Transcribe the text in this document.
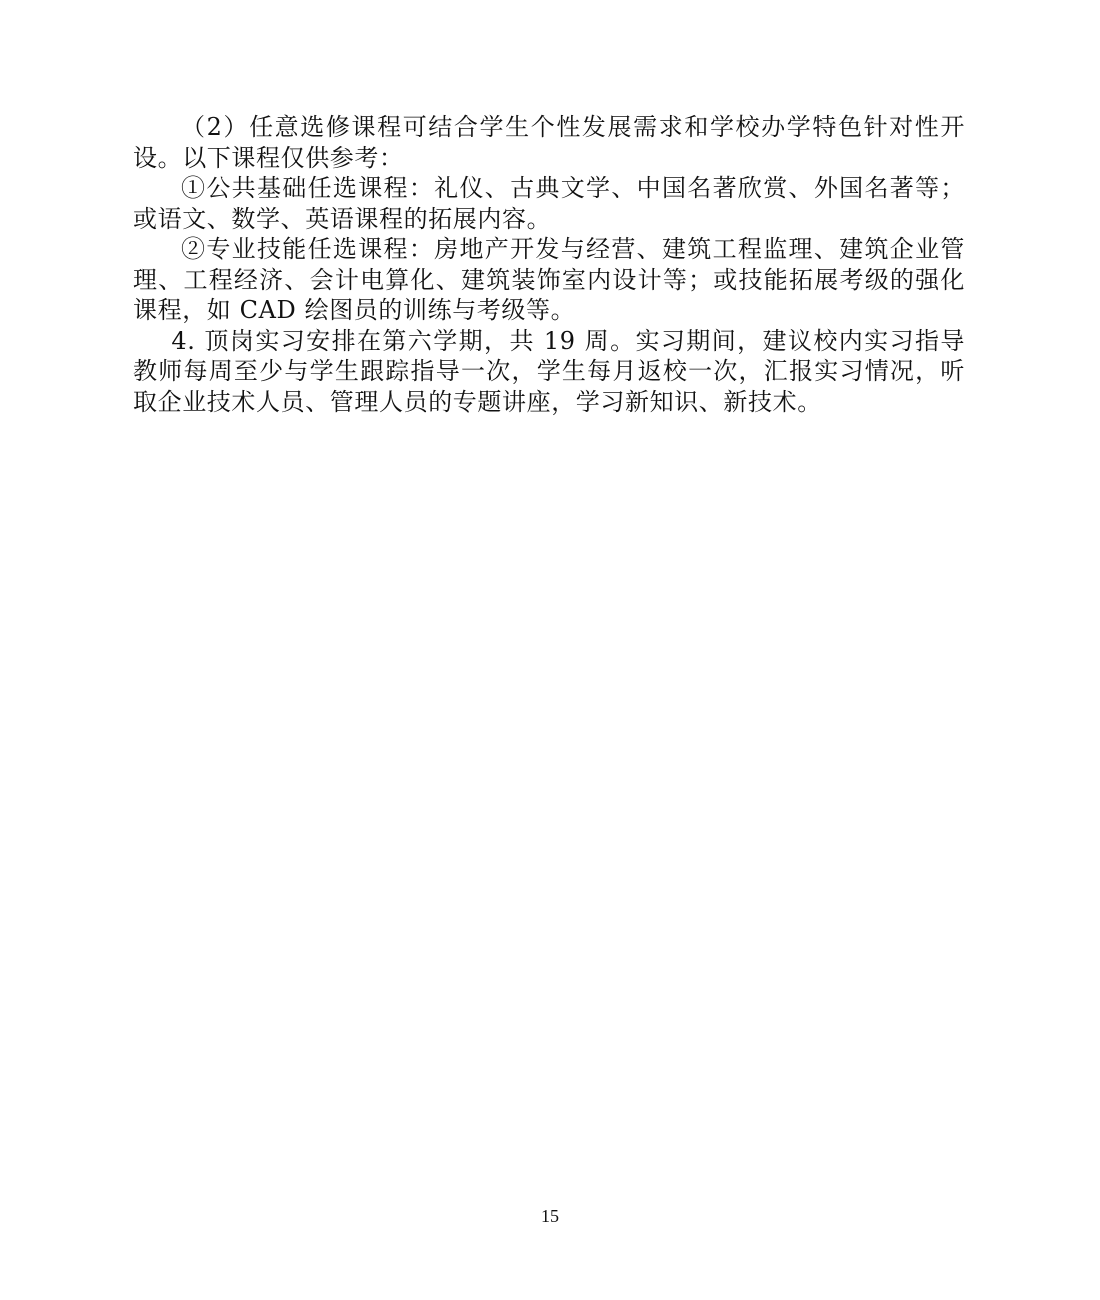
（2）任意选修课程可结合学生个性发展需求和学校办学特色针对性开设。以下课程仅供参考：

①公共基础任选课程：礼仪、古典文学、中国名著欣赏、外国名著等；或语文、数学、英语课程的拓展内容。

②专业技能任选课程：房地产开发与经营、建筑工程监理、建筑企业管理、工程经济、会计电算化、建筑装饰室内设计等；或技能拓展考级的强化课程，如 CAD 绘图员的训练与考级等。

4. 顶岗实习安排在第六学期，共 19 周。实习期间，建议校内实习指导教师每周至少与学生跟踪指导一次，学生每月返校一次，汇报实习情况，听取企业技术人员、管理人员的专题讲座，学习新知识、新技术。

15
